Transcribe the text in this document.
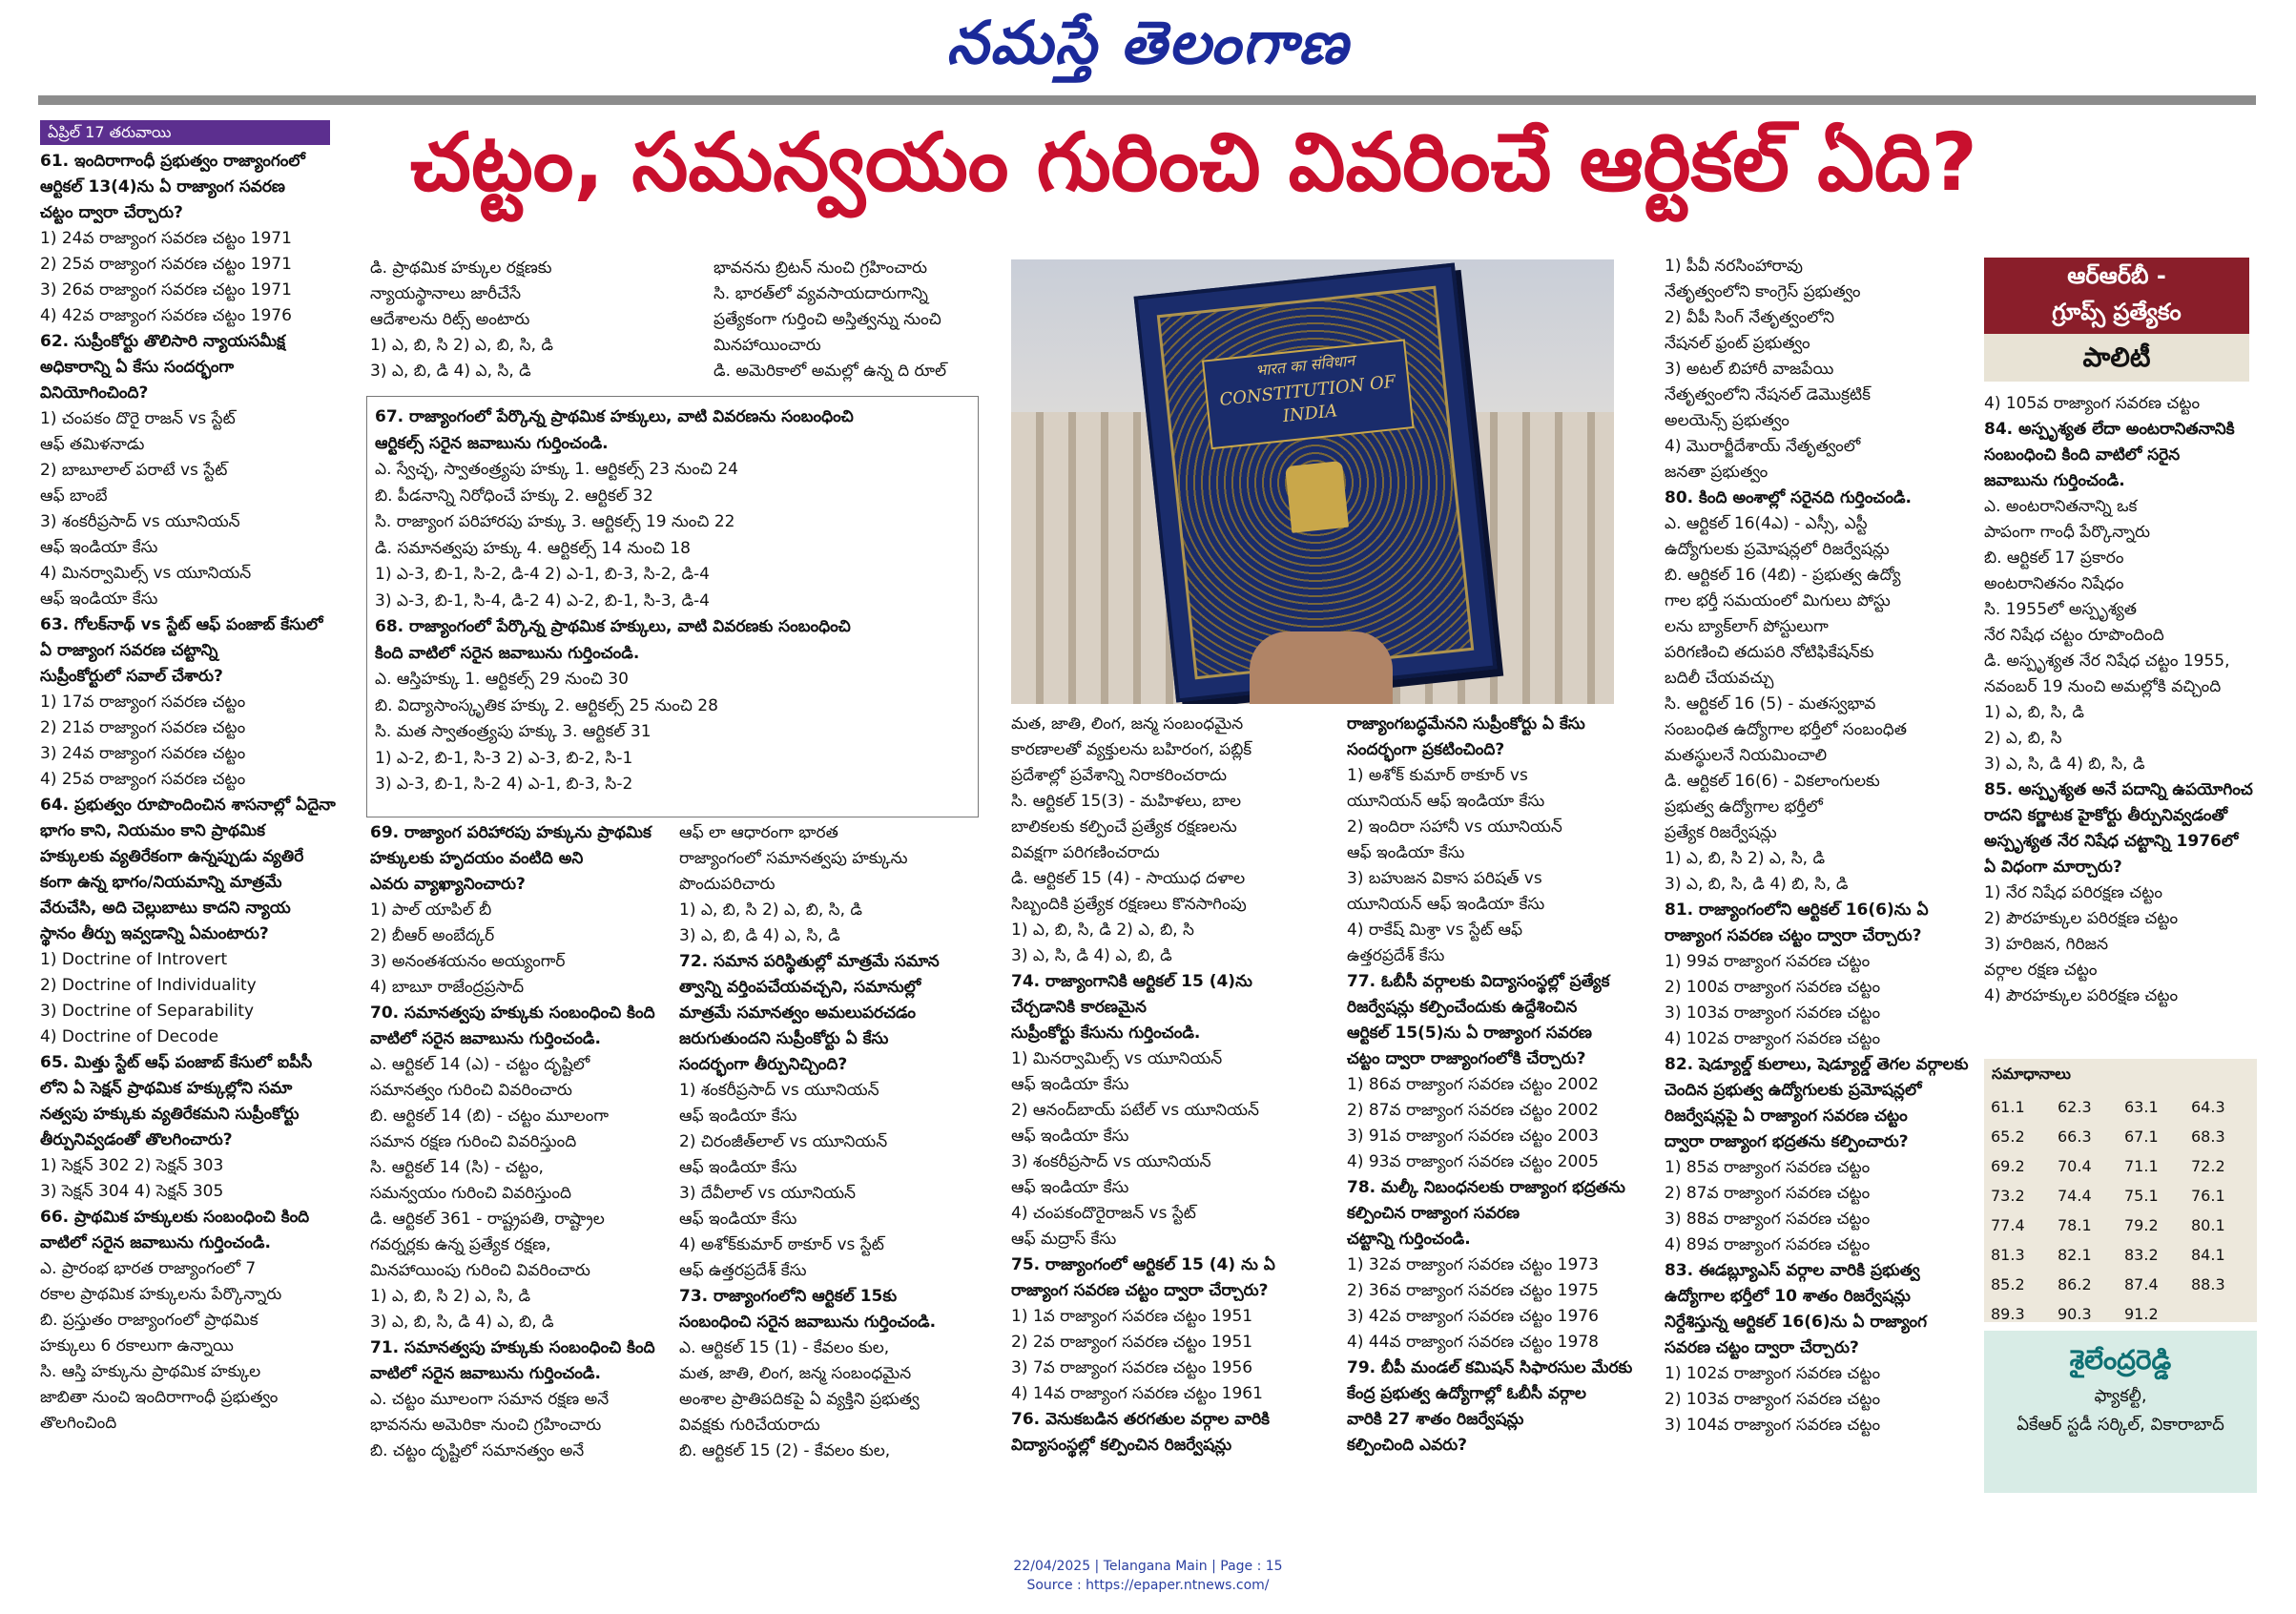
నమస్తే తెలంగాణ
ఏప్రిల్ 17 తరువాయి	చట్టం, సమన్వయం గురించి వివరించే ఆర్టికల్ ఏది?

61. ఇందిరాగాంధీ ప్రభుత్వం రాజ్యాంగంలో

ఆర్టికల్ 13(4)ను ఏ రాజ్యాంగ సవరణ

చట్టం ద్వారా చేర్చారు?

1) 24వ రాజ్యాంగ సవరణ చట్టం 1971

2) 25వ రాజ్యాంగ సవరణ చట్టం 1971

3) 26వ రాజ్యాంగ సవరణ చట్టం 1971

4) 42వ రాజ్యాంగ సవరణ చట్టం 1976

62. సుప్రీంకోర్టు తొలిసారి న్యాయసమీక్ష

అధికారాన్ని ఏ కేసు సందర్భంగా

వినియోగించింది?

1) చంపకం దొరై రాజన్ vs స్టేట్

ఆఫ్ తమిళనాడు

2) బాబూలాల్ పరాటే vs స్టేట్

ఆఫ్ బాంబే

3) శంకరీప్రసాద్ vs యూనియన్

ఆఫ్ ఇండియా కేసు

4) మినర్వామిల్స్ vs యూనియన్

ఆఫ్ ఇండియా కేసు

63. గోలక్‌నాథ్ vs స్టేట్ ఆఫ్ పంజాబ్ కేసులో

ఏ రాజ్యాంగ సవరణ చట్టాన్ని

సుప్రీంకోర్టులో సవాల్ చేశారు?

1) 17వ రాజ్యాంగ సవరణ చట్టం

2) 21వ రాజ్యాంగ సవరణ చట్టం

3) 24వ రాజ్యాంగ సవరణ చట్టం

4) 25వ రాజ్యాంగ సవరణ చట్టం

64. ప్రభుత్వం రూపొందించిన శాసనాల్లో ఏదైనా

భాగం కాని, నియమం కాని ప్రాథమిక

హక్కులకు వ్యతిరేకంగా ఉన్నప్పుడు వ్యతిరే

కంగా ఉన్న భాగం/నియమాన్ని మాత్రమే

వేరుచేసి, అది చెల్లుబాటు కాదని న్యాయ

స్థానం తీర్పు ఇవ్వడాన్ని ఏమంటారు?

1) Doctrine of Introvert

2) Doctrine of Individuality

3) Doctrine of Separability

4) Doctrine of Decode

65. మిత్తు స్టేట్ ఆఫ్ పంజాబ్ కేసులో ఐపీసీ

లోని ఏ సెక్షన్ ప్రాథమిక హక్కుల్లోని సమా

నత్వపు హక్కుకు వ్యతిరేకమని సుప్రీంకోర్టు

తీర్పునివ్వడంతో తొలగించారు?

1) సెక్షన్ 302 2) సెక్షన్ 303

3) సెక్షన్ 304 4) సెక్షన్ 305

66. ప్రాథమిక హక్కులకు సంబంధించి కింది

వాటిలో సరైన జవాబును గుర్తించండి.

ఎ. ప్రారంభ భారత రాజ్యాంగంలో 7

రకాల ప్రాథమిక హక్కులను పేర్కొన్నారు

బి. ప్రస్తుతం రాజ్యాంగంలో ప్రాథమిక

హక్కులు 6 రకాలుగా ఉన్నాయి

సి. ఆస్తి హక్కును ప్రాథమిక హక్కుల

జాబితా నుంచి ఇందిరాగాంధీ ప్రభుత్వం

తొలగించింది

డి. ప్రాథమిక హక్కుల రక్షణకు

న్యాయస్థానాలు జారీచేసే

ఆదేశాలను రిట్స్ అంటారు

1) ఎ, బి, సి 2) ఎ, బి, సి, డి

3) ఎ, బి, డి 4) ఎ, సి, డి

భావనను బ్రిటన్ నుంచి గ్రహించారు

సి. భారత్‌లో వ్యవసాయదారుగాన్ని

ప్రత్యేకంగా గుర్తించి అస్తిత్వన్ను నుంచి

మినహాయించారు

డి. అమెరికాలో అమల్లో ఉన్న ది రూల్

67. రాజ్యాంగంలో పేర్కొన్న ప్రాథమిక హక్కులు, వాటి వివరణను సంబంధించి

ఆర్టికల్స్ సరైన జవాబును గుర్తించండి.

ఎ. స్వేచ్ఛ, స్వాతంత్ర్యపు హక్కు 1. ఆర్టికల్స్ 23 నుంచి 24

బి. పీడనాన్ని నిరోధించే హక్కు 2. ఆర్టికల్ 32

సి. రాజ్యాంగ పరిహారపు హక్కు 3. ఆర్టికల్స్ 19 నుంచి 22

డి. సమానత్వపు హక్కు 4. ఆర్టికల్స్ 14 నుంచి 18

1) ఎ-3, బి-1, సి-2, డి-4 2) ఎ-1, బి-3, సి-2, డి-4

3) ఎ-3, బి-1, సి-4, డి-2 4) ఎ-2, బి-1, సి-3, డి-4

68. రాజ్యాంగంలో పేర్కొన్న ప్రాథమిక హక్కులు, వాటి వివరణకు సంబంధించి

కింది వాటిలో సరైన జవాబును గుర్తించండి.

ఎ. ఆస్తిహక్కు 1. ఆర్టికల్స్ 29 నుంచి 30

బి. విద్యాసాంస్కృతిక హక్కు 2. ఆర్టికల్స్ 25 నుంచి 28

సి. మత స్వాతంత్ర్యపు హక్కు 3. ఆర్టికల్ 31

1) ఎ-2, బి-1, సి-3 2) ఎ-3, బి-2, సి-1

3) ఎ-3, బి-1, సి-2 4) ఎ-1, బి-3, సి-2

69. రాజ్యాంగ పరిహారపు హక్కును ప్రాథమిక

హక్కులకు హృదయం వంటిది అని

ఎవరు వ్యాఖ్యానించారు?

1) పాల్ యాపిల్ బీ

2) బీఆర్ అంబేద్కర్

3) అనంతశయనం అయ్యంగార్

4) బాబూ రాజేంద్రప్రసాద్

70. సమానత్వపు హక్కుకు సంబంధించి కింది

వాటిలో సరైన జవాబును గుర్తించండి.

ఎ. ఆర్టికల్ 14 (ఎ) - చట్టం దృష్టిలో

సమానత్వం గురించి వివరించారు

బి. ఆర్టికల్ 14 (బి) - చట్టం మూలంగా

సమాన రక్షణ గురించి వివరిస్తుంది

సి. ఆర్టికల్ 14 (సి) - చట్టం,

సమన్వయం గురించి వివరిస్తుంది

డి. ఆర్టికల్ 361 - రాష్ట్రపతి, రాష్ట్రాల

గవర్నర్లకు ఉన్న ప్రత్యేక రక్షణ,

మినహాయింపు గురించి వివరించారు

1) ఎ, బి, సి 2) ఎ, సి, డి

3) ఎ, బి, సి, డి 4) ఎ, బి, డి

71. సమానత్వపు హక్కుకు సంబంధించి కింది

వాటిలో సరైన జవాబును గుర్తించండి.

ఎ. చట్టం మూలంగా సమాన రక్షణ అనే

భావనను అమెరికా నుంచి గ్రహించారు

బి. చట్టం దృష్టిలో సమానత్వం అనే

ఆఫ్ లా ఆధారంగా భారత

రాజ్యాంగంలో సమానత్వపు హక్కును

పొందుపరిచారు

1) ఎ, బి, సి 2) ఎ, బి, సి, డి

3) ఎ, బి, డి 4) ఎ, సి, డి

72. సమాన పరిస్థితుల్లో మాత్రమే సమాన

త్వాన్ని వర్తింపచేయవచ్చని, సమానుల్లో

మాత్రమే సమానత్వం అమలుపరచడం

జరుగుతుందని సుప్రీంకోర్టు ఏ కేసు

సందర్భంగా తీర్పునిచ్చింది?

1) శంకరీప్రసాద్ vs యూనియన్

ఆఫ్ ఇండియా కేసు

2) చిరంజీత్‌లాల్ vs యూనియన్

ఆఫ్ ఇండియా కేసు

3) దేవీలాల్ vs యూనియన్

ఆఫ్ ఇండియా కేసు

4) అశోక్‌కుమార్ ఠాకూర్ vs స్టేట్

ఆఫ్ ఉత్తరప్రదేశ్ కేసు

73. రాజ్యాంగంలోని ఆర్టికల్ 15కు

సంబంధించి సరైన జవాబును గుర్తించండి.

ఎ. ఆర్టికల్ 15 (1) - కేవలం కుల,

మత, జాతి, లింగ, జన్మ సంబంధమైన

అంశాల ప్రాతిపదికపై ఏ వ్యక్తిని ప్రభుత్వ

వివక్షకు గురిచేయరాదు

బి. ఆర్టికల్ 15 (2) - కేవలం కుల,

भारत का संविधान
CONSTITUTION OF INDIA

మత, జాతి, లింగ, జన్మ సంబంధమైన

కారణాలతో వ్యక్తులను బహిరంగ, పబ్లిక్

ప్రదేశాల్లో ప్రవేశాన్ని నిరాకరించరాదు

సి. ఆర్టికల్ 15(3) - మహిళలు, బాల

బాలికలకు కల్పించే ప్రత్యేక రక్షణలను

వివక్షగా పరిగణించరాదు

డి. ఆర్టికల్ 15 (4) - సాయుధ దళాల

సిబ్బందికి ప్రత్యేక రక్షణలు కొనసాగింపు

1) ఎ, బి, సి, డి 2) ఎ, బి, సి

3) ఎ, సి, డి 4) ఎ, బి, డి

74. రాజ్యాంగానికి ఆర్టికల్ 15 (4)ను

చేర్చడానికి కారణమైన

సుప్రీంకోర్టు కేసును గుర్తించండి.

1) మినర్వామిల్స్ vs యూనియన్

ఆఫ్ ఇండియా కేసు

2) ఆనంద్‌బాయ్ పటేల్ vs యూనియన్

ఆఫ్ ఇండియా కేసు

3) శంకరీప్రసాద్ vs యూనియన్

ఆఫ్ ఇండియా కేసు

4) చంపకందొరైరాజన్ vs స్టేట్

ఆఫ్ మద్రాస్ కేసు

75. రాజ్యాంగంలో ఆర్టికల్ 15 (4) ను ఏ

రాజ్యాంగ సవరణ చట్టం ద్వారా చేర్చారు?

1) 1వ రాజ్యాంగ సవరణ చట్టం 1951

2) 2వ రాజ్యాంగ సవరణ చట్టం 1951

3) 7వ రాజ్యాంగ సవరణ చట్టం 1956

4) 14వ రాజ్యాంగ సవరణ చట్టం 1961

76. వెనుకబడిన తరగతుల వర్గాల వారికి

విద్యాసంస్థల్లో కల్పించిన రిజర్వేషన్లు

రాజ్యాంగబద్ధమేనని సుప్రీంకోర్టు ఏ కేసు

సందర్భంగా ప్రకటించింది?

1) అశోక్ కుమార్ ఠాకూర్ vs

యూనియన్ ఆఫ్ ఇండియా కేసు

2) ఇందిరా సహానీ vs యూనియన్

ఆఫ్ ఇండియా కేసు

3) బహుజన వికాస పరిషత్ vs

యూనియన్ ఆఫ్ ఇండియా కేసు

4) రాకేష్ మిశ్రా vs స్టేట్ ఆఫ్

ఉత్తరప్రదేశ్ కేసు

77. ఓబీసీ వర్గాలకు విద్యాసంస్థల్లో ప్రత్యేక

రిజర్వేషన్లు కల్పించేందుకు ఉద్దేశించిన

ఆర్టికల్ 15(5)ను ఏ రాజ్యాంగ సవరణ

చట్టం ద్వారా రాజ్యాంగంలోకి చేర్చారు?

1) 86వ రాజ్యాంగ సవరణ చట్టం 2002

2) 87వ రాజ్యాంగ సవరణ చట్టం 2002

3) 91వ రాజ్యాంగ సవరణ చట్టం 2003

4) 93వ రాజ్యాంగ సవరణ చట్టం 2005

78. మల్కీ నిబంధనలకు రాజ్యాంగ భద్రతను

కల్పించిన రాజ్యాంగ సవరణ

చట్టాన్ని గుర్తించండి.

1) 32వ రాజ్యాంగ సవరణ చట్టం 1973

2) 36వ రాజ్యాంగ సవరణ చట్టం 1975

3) 42వ రాజ్యాంగ సవరణ చట్టం 1976

4) 44వ రాజ్యాంగ సవరణ చట్టం 1978

79. బీపీ మండల్ కమిషన్ సిఫారసుల మేరకు

కేంద్ర ప్రభుత్వ ఉద్యోగాల్లో ఓబీసీ వర్గాల

వారికి 27 శాతం రిజర్వేషన్లు

కల్పించింది ఎవరు?

1) పీవీ నరసింహారావు

నేతృత్వంలోని కాంగ్రెస్ ప్రభుత్వం

2) వీపీ సింగ్ నేతృత్వంలోని

నేషనల్ ఫ్రంట్ ప్రభుత్వం

3) అటల్ బిహారీ వాజపేయి

నేతృత్వంలోని నేషనల్ డెమొక్రటిక్

అలయెన్స్ ప్రభుత్వం

4) మొరార్జీదేశాయ్ నేతృత్వంలో

జనతా ప్రభుత్వం

80. కింది అంశాల్లో సరైనది గుర్తించండి.

ఎ. ఆర్టికల్ 16(4ఎ) - ఎస్సీ, ఎస్టీ

ఉద్యోగులకు ప్రమోషన్లలో రిజర్వేషన్లు

బి. ఆర్టికల్ 16 (4బి) - ప్రభుత్వ ఉద్యో

గాల భర్తీ సమయంలో మిగులు పోస్టు

లను బ్యాక్‌లాగ్ పోస్టులుగా

పరిగణించి తదుపరి నోటిఫికేషన్‌కు

బదిలీ చేయవచ్చు

సి. ఆర్టికల్ 16 (5) - మతస్వభావ

సంబంధిత ఉద్యోగాల భర్తీలో సంబంధిత

మతస్థులనే నియమించాలి

డి. ఆర్టికల్ 16(6) - వికలాంగులకు

ప్రభుత్వ ఉద్యోగాల భర్తీలో

ప్రత్యేక రిజర్వేషన్లు

1) ఎ, బి, సి 2) ఎ, సి, డి

3) ఎ, బి, సి, డి 4) బి, సి, డి

81. రాజ్యాంగంలోని ఆర్టికల్ 16(6)ను ఏ

రాజ్యాంగ సవరణ చట్టం ద్వారా చేర్చారు?

1) 99వ రాజ్యాంగ సవరణ చట్టం

2) 100వ రాజ్యాంగ సవరణ చట్టం

3) 103వ రాజ్యాంగ సవరణ చట్టం

4) 102వ రాజ్యాంగ సవరణ చట్టం

82. షెడ్యూల్డ్ కులాలు, షెడ్యూల్డ్ తెగల వర్గాలకు

చెందిన ప్రభుత్వ ఉద్యోగులకు ప్రమోషన్లలో

రిజర్వేషన్లపై ఏ రాజ్యాంగ సవరణ చట్టం

ద్వారా రాజ్యాంగ భద్రతను కల్పించారు?

1) 85వ రాజ్యాంగ సవరణ చట్టం

2) 87వ రాజ్యాంగ సవరణ చట్టం

3) 88వ రాజ్యాంగ సవరణ చట్టం

4) 89వ రాజ్యాంగ సవరణ చట్టం

83. ఈడబ్ల్యూఎస్ వర్గాల వారికి ప్రభుత్వ

ఉద్యోగాల భర్తీలో 10 శాతం రిజర్వేషన్లు

నిర్దేశిస్తున్న ఆర్టికల్ 16(6)ను ఏ రాజ్యాంగ

సవరణ చట్టం ద్వారా చేర్చారు?

1) 102వ రాజ్యాంగ సవరణ చట్టం

2) 103వ రాజ్యాంగ సవరణ చట్టం

3) 104వ రాజ్యాంగ సవరణ చట్టం

ఆర్ఆర్‌బీ -
గ్రూప్స్ ప్రత్యేకం
పాలిటీ

4) 105వ రాజ్యాంగ సవరణ చట్టం

84. అస్పృశ్యత లేదా అంటరానితనానికి

సంబంధించి కింది వాటిలో సరైన

జవాబును గుర్తించండి.

ఎ. అంటరానితనాన్ని ఒక

పాపంగా గాంధీ పేర్కొన్నారు

బి. ఆర్టికల్ 17 ప్రకారం

అంటరానితనం నిషేధం

సి. 1955లో అస్పృశ్యత

నేర నిషేధ చట్టం రూపొందింది

డి. అస్పృశ్యత నేర నిషేధ చట్టం 1955,

నవంబర్ 19 నుంచి అమల్లోకి వచ్చింది

1) ఎ, బి, సి, డి

2) ఎ, బి, సి

3) ఎ, సి, డి 4) బి, సి, డి

85. అస్పృశ్యత అనే పదాన్ని ఉపయోగించ

రాదని కర్ణాటక హైకోర్టు తీర్పునివ్వడంతో

అస్పృశ్యత నేర నిషేధ చట్టాన్ని 1976లో

ఏ విధంగా మార్చారు?

1) నేర నిషేధ పరిరక్షణ చట్టం

2) పౌరహక్కుల పరిరక్షణ చట్టం

3) హరిజన, గిరిజన

వర్గాల రక్షణ చట్టం

4) పౌరహక్కుల పరిరక్షణ చట్టం

సమాధానాలు
61.1	62.3	63.1	64.3
65.2	66.3	67.1	68.3
69.2	70.4	71.1	72.2
73.2	74.4	75.1	76.1
77.4	78.1	79.2	80.1
81.3	82.1	83.2	84.1
85.2	86.2	87.4	88.3
89.3	90.3	91.2	
శైలేంద్రరెడ్డి
ఫ్యాకల్టీ,
ఏకేఆర్ స్టడీ సర్కిల్, వికారాబాద్
22/04/2025 | Telangana Main | Page : 15
Source : https://epaper.ntnews.com/
